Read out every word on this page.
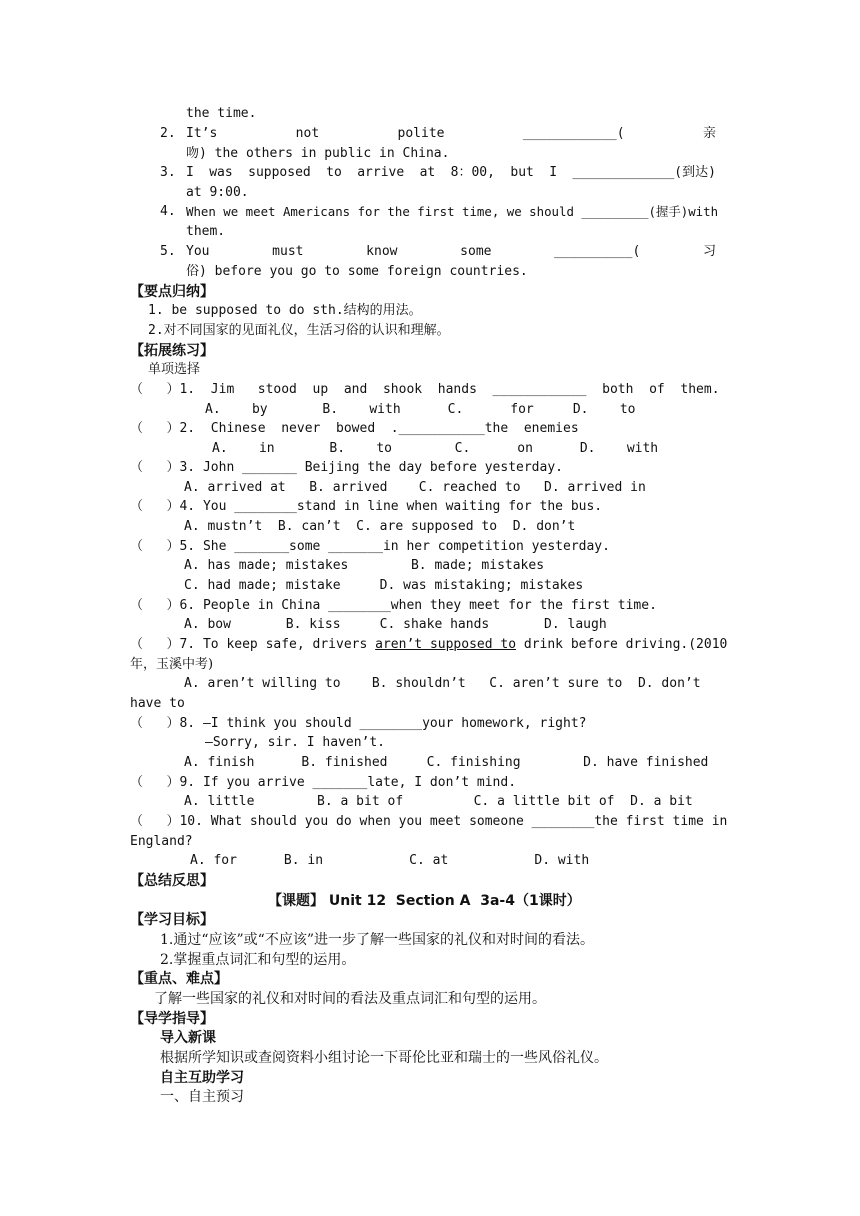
the time.
2. It’s	not	polite	____________(	亲
吻) the others in public in China.
3. I was supposed to arrive at 8：00, but I _____________(到达)
at 9:00.
4. When we meet Americans for the first time, we should _________(握手)with
them.
5. You	must	know	some	__________(	习
俗) before you go to some foreign countries.
【要点归纳】
1. be supposed to do sth.结构的用法。
2.对不同国家的见面礼仪，生活习俗的认识和理解。
【拓展练习】
单项选择
（   ）1.  Jim   stood  up  and  shook  hands  ____________  both  of  them.
A.    by       B.    with      C.      for     D.    to
（   ）2.  Chinese  never  bowed  .___________the  enemies
A.    in       B.    to        C.      on      D.    with
（   ）3. John _______ Beijing the day before yesterday.
A. arrived at   B. arrived    C. reached to   D. arrived in
（   ）4. You ________stand in line when waiting for the bus.
A. mustn’t  B. can’t  C. are supposed to  D. don’t
（   ）5. She _______some _______in her competition yesterday.
A. has made; mistakes        B. made; mistakes
C. had made; mistake     D. was mistaking; mistakes
（   ）6. People in China ________when they meet for the first time.
A. bow       B. kiss     C. shake hands       D. laugh
（   ）7. To keep safe, drivers aren’t supposed to drink before driving.(2010
年，玉溪中考)
A. aren’t willing to    B. shouldn’t   C. aren’t sure to  D. don’t
have to
（   ）8. —I think you should ________your homework, right?
—Sorry, sir. I haven’t.
A. finish      B. finished     C. finishing        D. have finished
（   ）9. If you arrive _______late, I don’t mind.
A. little        B. a bit of         C. a little bit of  D. a bit
（   ）10. What should you do when you meet someone ________the first time in
England?
A. for      B. in           C. at           D. with
【总结反思】
【课题】 Unit 12  Section A  3a-4（1课时）
【学习目标】
1.通过“应该”或“不应该”进一步了解一些国家的礼仪和对时间的看法。
2.掌握重点词汇和句型的运用。
【重点、难点】
了解一些国家的礼仪和对时间的看法及重点词汇和句型的运用。
【导学指导】
导入新课
根据所学知识或查阅资料小组讨论一下哥伦比亚和瑞士的一些风俗礼仪。
自主互助学习
一、自主预习
